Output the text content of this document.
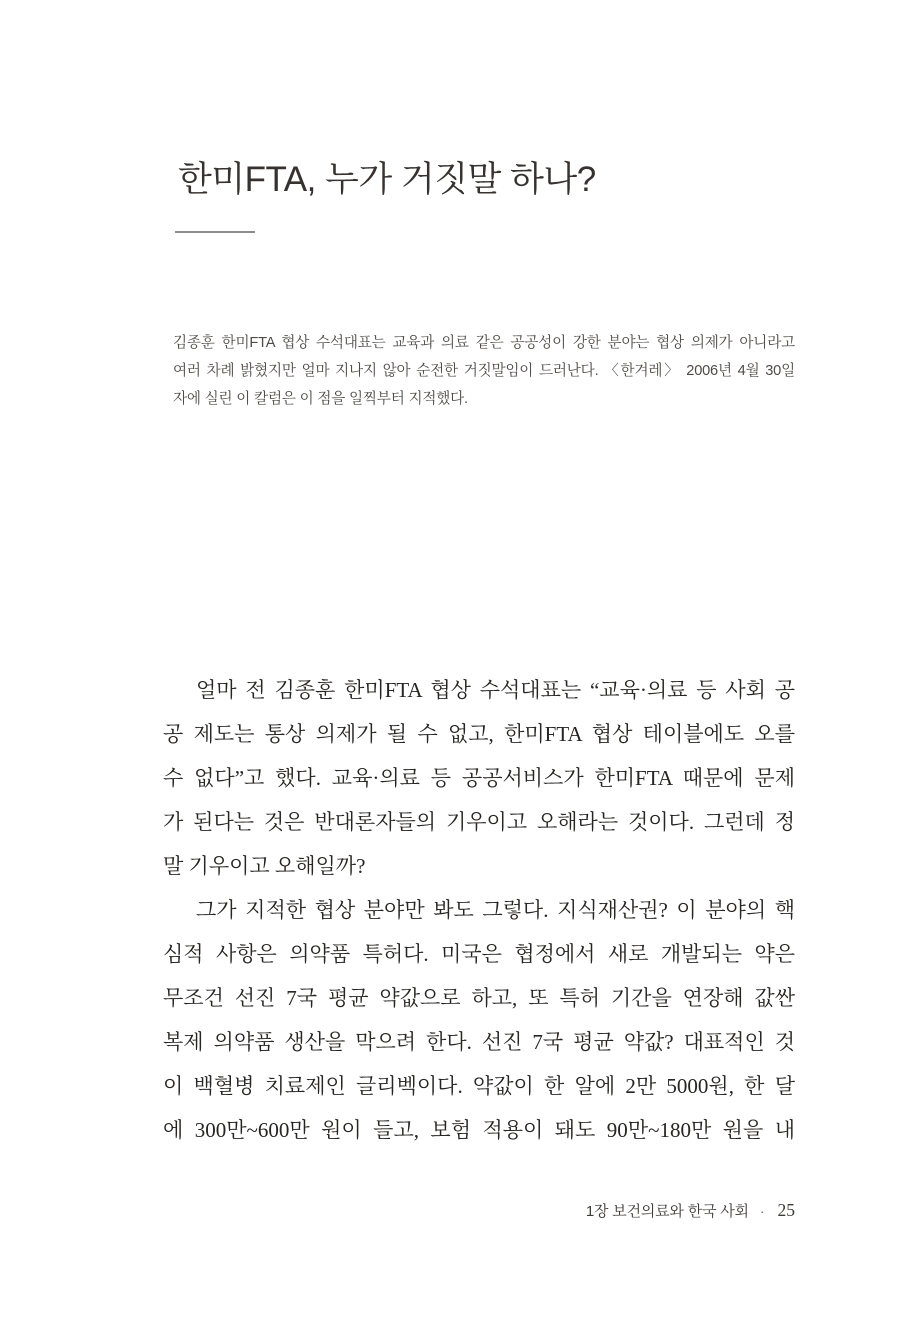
한미FTA, 누가 거짓말 하나?
김종훈 한미FTA 협상 수석대표는 교육과 의료 같은 공공성이 강한 분야는 협상 의제가 아니라고
여러 차례 밝혔지만 얼마 지나지 않아 순전한 거짓말임이 드러난다. 〈한겨레〉 2006년 4월 30일
자에 실린 이 칼럼은 이 점을 일찍부터 지적했다.
얼마 전 김종훈 한미FTA 협상 수석대표는 “교육·의료 등 사회 공
공 제도는 통상 의제가 될 수 없고, 한미FTA 협상 테이블에도 오를
수 없다”고 했다. 교육·의료 등 공공서비스가 한미FTA 때문에 문제
가 된다는 것은 반대론자들의 기우이고 오해라는 것이다. 그런데 정
말 기우이고 오해일까?
그가 지적한 협상 분야만 봐도 그렇다. 지식재산권? 이 분야의 핵
심적 사항은 의약품 특허다. 미국은 협정에서 새로 개발되는 약은
무조건 선진 7국 평균 약값으로 하고, 또 특허 기간을 연장해 값싼
복제 의약품 생산을 막으려 한다. 선진 7국 평균 약값? 대표적인 것
이 백혈병 치료제인 글리벡이다. 약값이 한 알에 2만 5000원, 한 달
에 300만~600만 원이 들고, 보험 적용이 돼도 90만~180만 원을 내
1장 보건의료와 한국 사회 · 25
